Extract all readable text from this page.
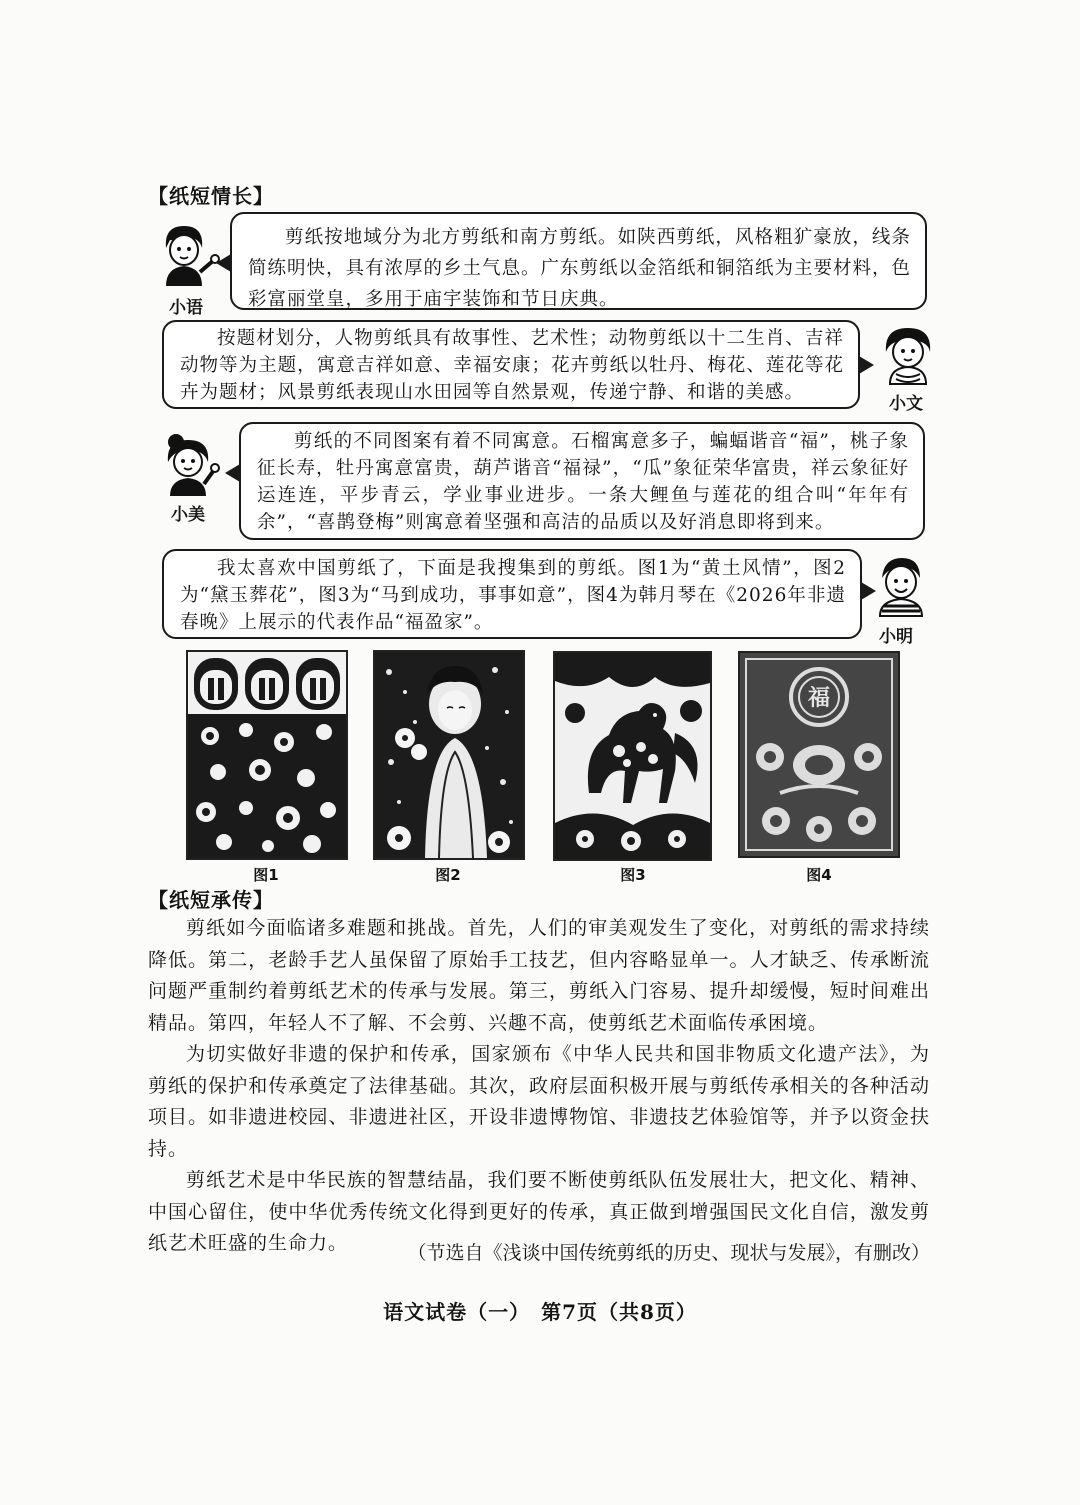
【纸短情长】
小语
剪纸按地域分为北方剪纸和南方剪纸。如陕西剪纸，风格粗犷豪放，线条简练明快，具有浓厚的乡土气息。广东剪纸以金箔纸和铜箔纸为主要材料，色彩富丽堂皇，多用于庙宇装饰和节日庆典。
按题材划分，人物剪纸具有故事性、艺术性；动物剪纸以十二生肖、吉祥动物等为主题，寓意吉祥如意、幸福安康；花卉剪纸以牡丹、梅花、莲花等花卉为题材；风景剪纸表现山水田园等自然景观，传递宁静、和谐的美感。
小文
小美
剪纸的不同图案有着不同寓意。石榴寓意多子，蝙蝠谐音“福”，桃子象征长寿，牡丹寓意富贵，葫芦谐音“福禄”，“瓜”象征荣华富贵，祥云象征好运连连，平步青云，学业事业进步。一条大鲤鱼与莲花的组合叫“年年有余”，“喜鹊登梅”则寓意着坚强和高洁的品质以及好消息即将到来。
我太喜欢中国剪纸了，下面是我搜集到的剪纸。图1为“黄土风情”，图2为“黛玉葬花”，图3为“马到成功，事事如意”，图4为韩月琴在《2026年非遗春晚》上展示的代表作品“福盈家”。
小明
图1	图2	图3
福
图4
【纸短承传】

剪纸如今面临诸多难题和挑战。首先，人们的审美观发生了变化，对剪纸的需求持续降低。第二，老龄手艺人虽保留了原始手工技艺，但内容略显单一。人才缺乏、传承断流问题严重制约着剪纸艺术的传承与发展。第三，剪纸入门容易、提升却缓慢，短时间难出精品。第四，年轻人不了解、不会剪、兴趣不高，使剪纸艺术面临传承困境。

为切实做好非遗的保护和传承，国家颁布《中华人民共和国非物质文化遗产法》，为剪纸的保护和传承奠定了法律基础。其次，政府层面积极开展与剪纸传承相关的各种活动项目。如非遗进校园、非遗进社区，开设非遗博物馆、非遗技艺体验馆等，并予以资金扶持。

剪纸艺术是中华民族的智慧结晶，我们要不断使剪纸队伍发展壮大，把文化、精神、中国心留住，使中华优秀传统文化得到更好的传承，真正做到增强国民文化自信，激发剪纸艺术旺盛的生命力。	（节选自《浅谈中国传统剪纸的历史、现状与发展》，有删改）
语文试卷（一）　第7页（共8页）
